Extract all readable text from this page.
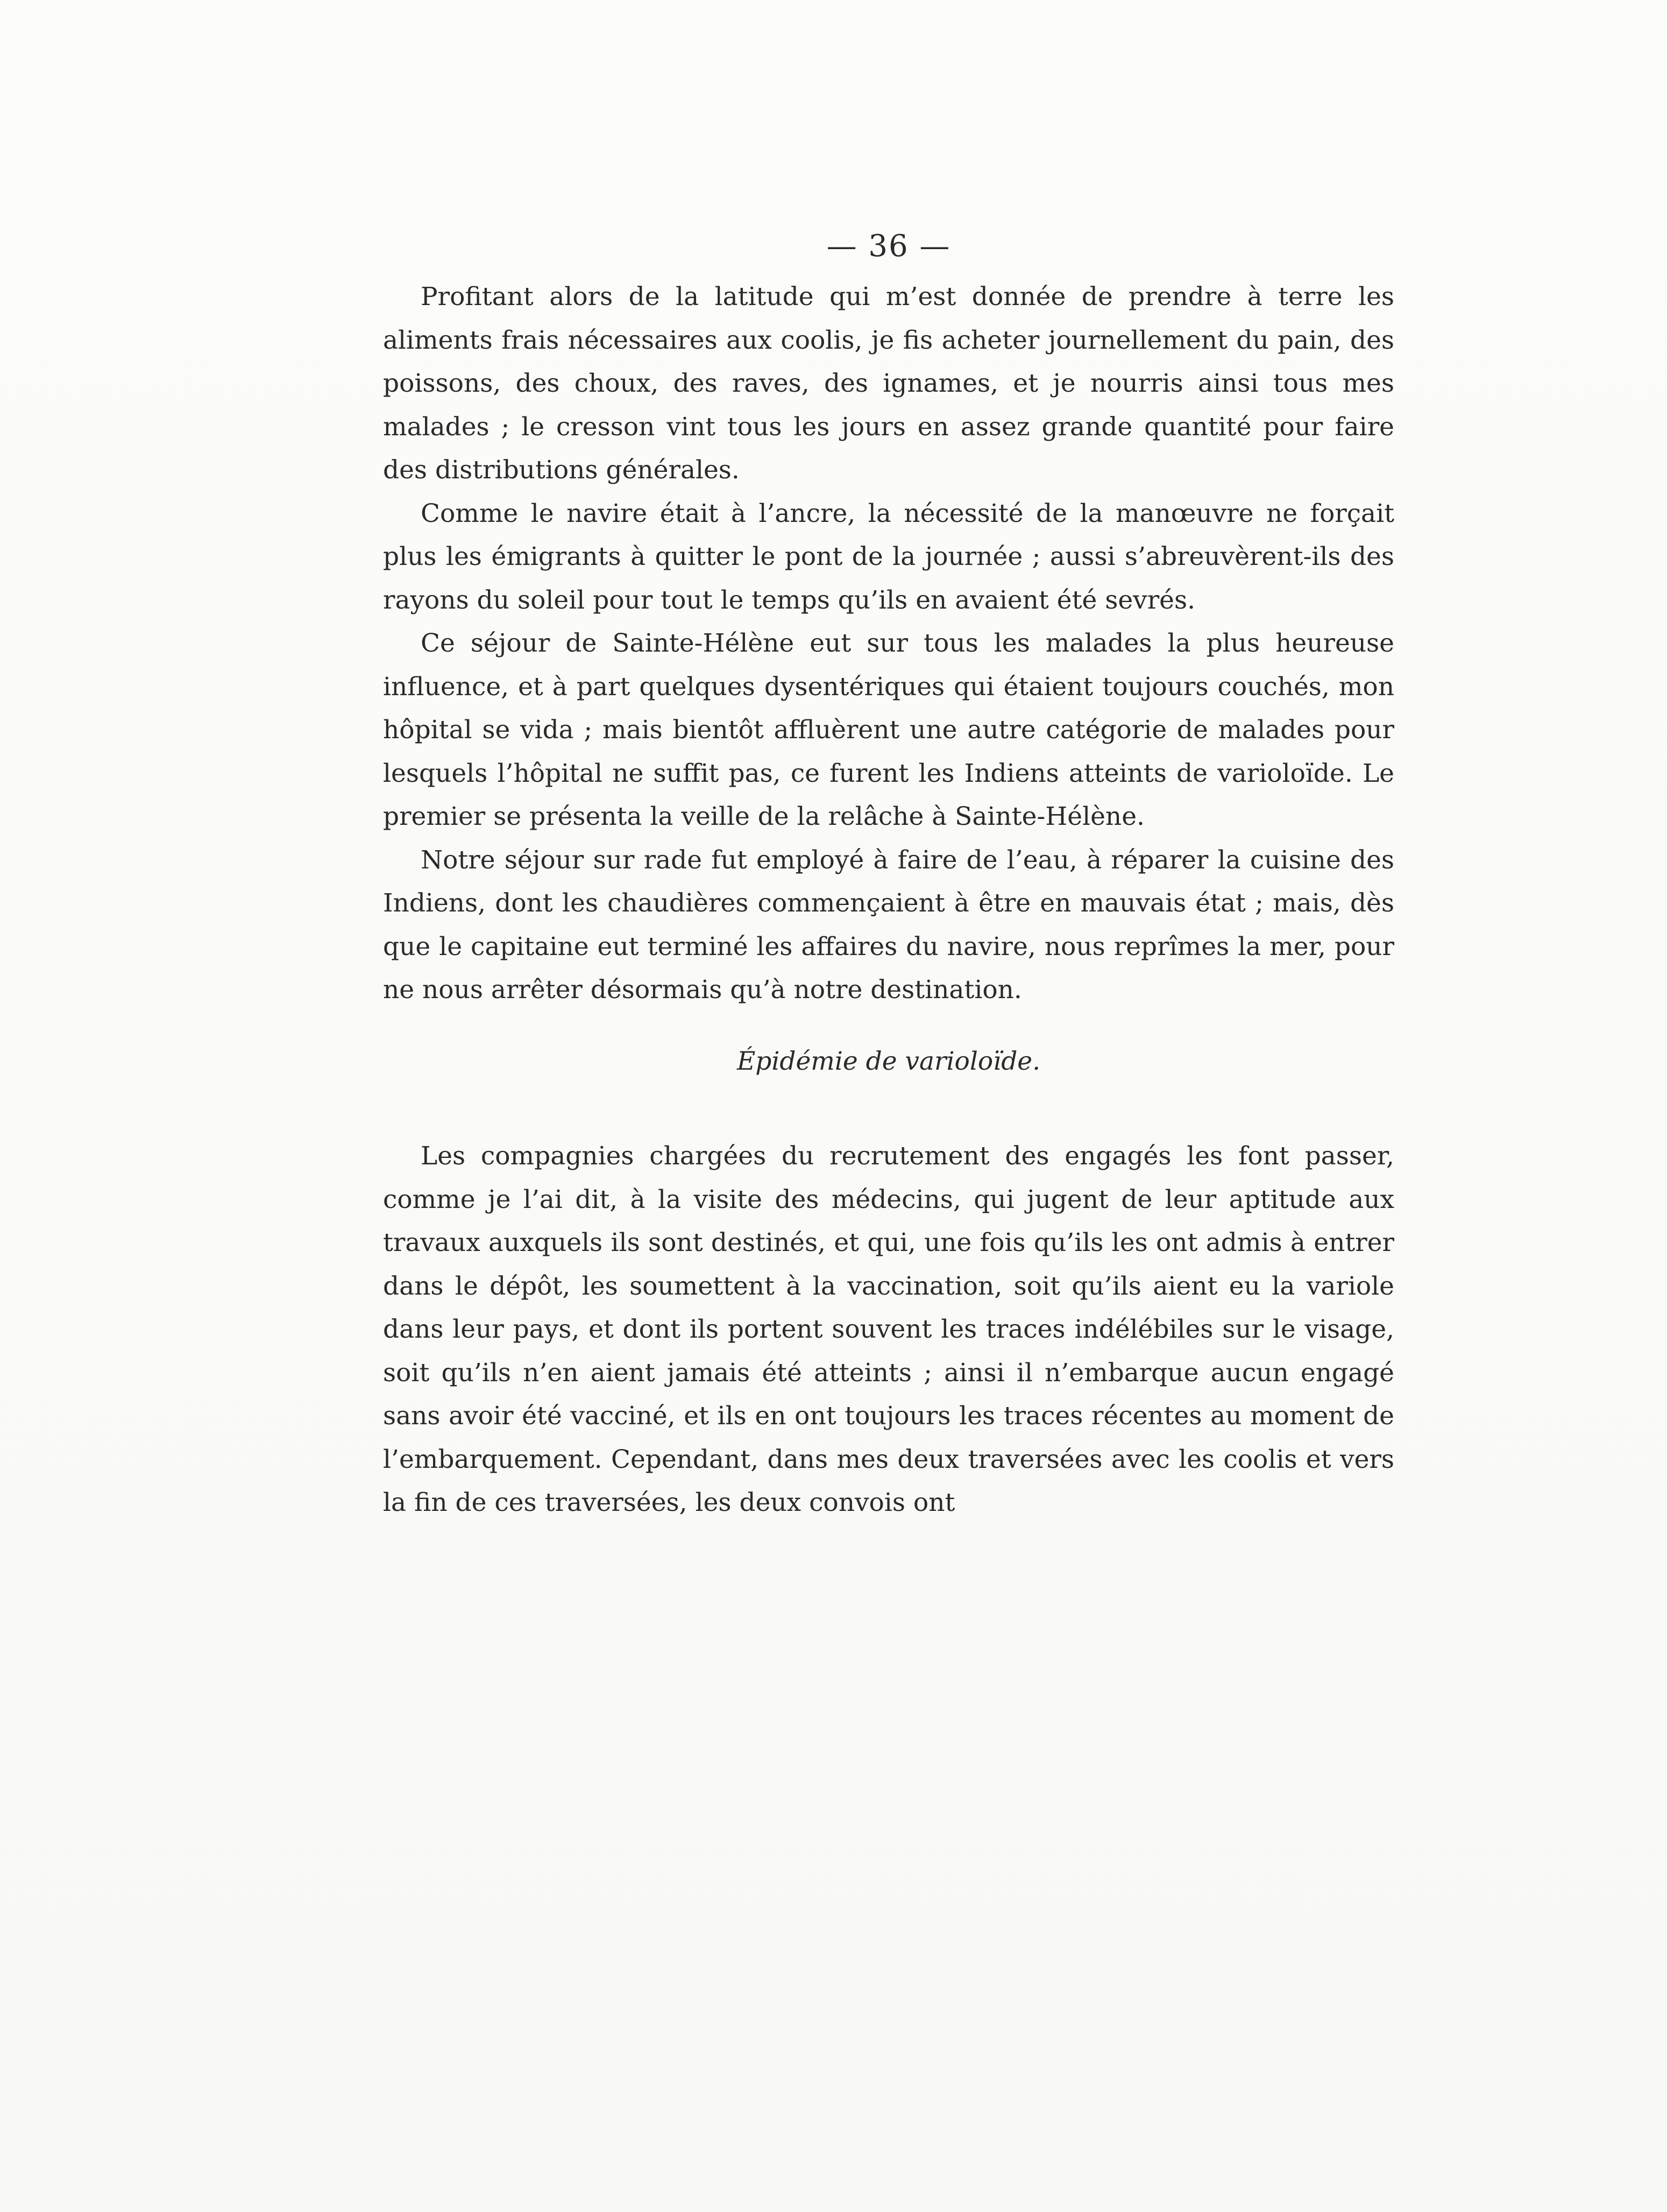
— 36 —

Profitant alors de la latitude qui m’est donnée de prendre à terre les aliments frais nécessaires aux coolis, je fis acheter journellement du pain, des poissons, des choux, des raves, des ignames, et je nourris ainsi tous mes malades ; le cresson vint tous les jours en assez grande quantité pour faire des distributions générales.

Comme le navire était à l’ancre, la nécessité de la manœuvre ne forçait plus les émigrants à quitter le pont de la journée ; aussi s’abreuvèrent-ils des rayons du soleil pour tout le temps qu’ils en avaient été sevrés.

Ce séjour de Sainte-Hélène eut sur tous les malades la plus heureuse influence, et à part quelques dysentériques qui étaient toujours couchés, mon hôpital se vida ; mais bientôt affluèrent une autre catégorie de malades pour lesquels l’hôpital ne suffit pas, ce furent les Indiens atteints de varioloïde. Le premier se présenta la veille de la relâche à Sainte-Hélène.

Notre séjour sur rade fut employé à faire de l’eau, à réparer la cuisine des Indiens, dont les chaudières commençaient à être en mauvais état ; mais, dès que le capitaine eut terminé les affaires du navire, nous reprîmes la mer, pour ne nous arrêter désormais qu’à notre destination.

Épidémie de varioloïde.

Les compagnies chargées du recrutement des engagés les font passer, comme je l’ai dit, à la visite des médecins, qui jugent de leur aptitude aux travaux auxquels ils sont destinés, et qui, une fois qu’ils les ont admis à entrer dans le dépôt, les soumettent à la vaccination, soit qu’ils aient eu la variole dans leur pays, et dont ils portent souvent les traces indélébiles sur le visage, soit qu’ils n’en aient jamais été atteints ; ainsi il n’embarque aucun engagé sans avoir été vacciné, et ils en ont toujours les traces récentes au moment de l’embarquement. Cependant, dans mes deux traversées avec les coolis et vers la fin de ces traversées, les deux convois ont
